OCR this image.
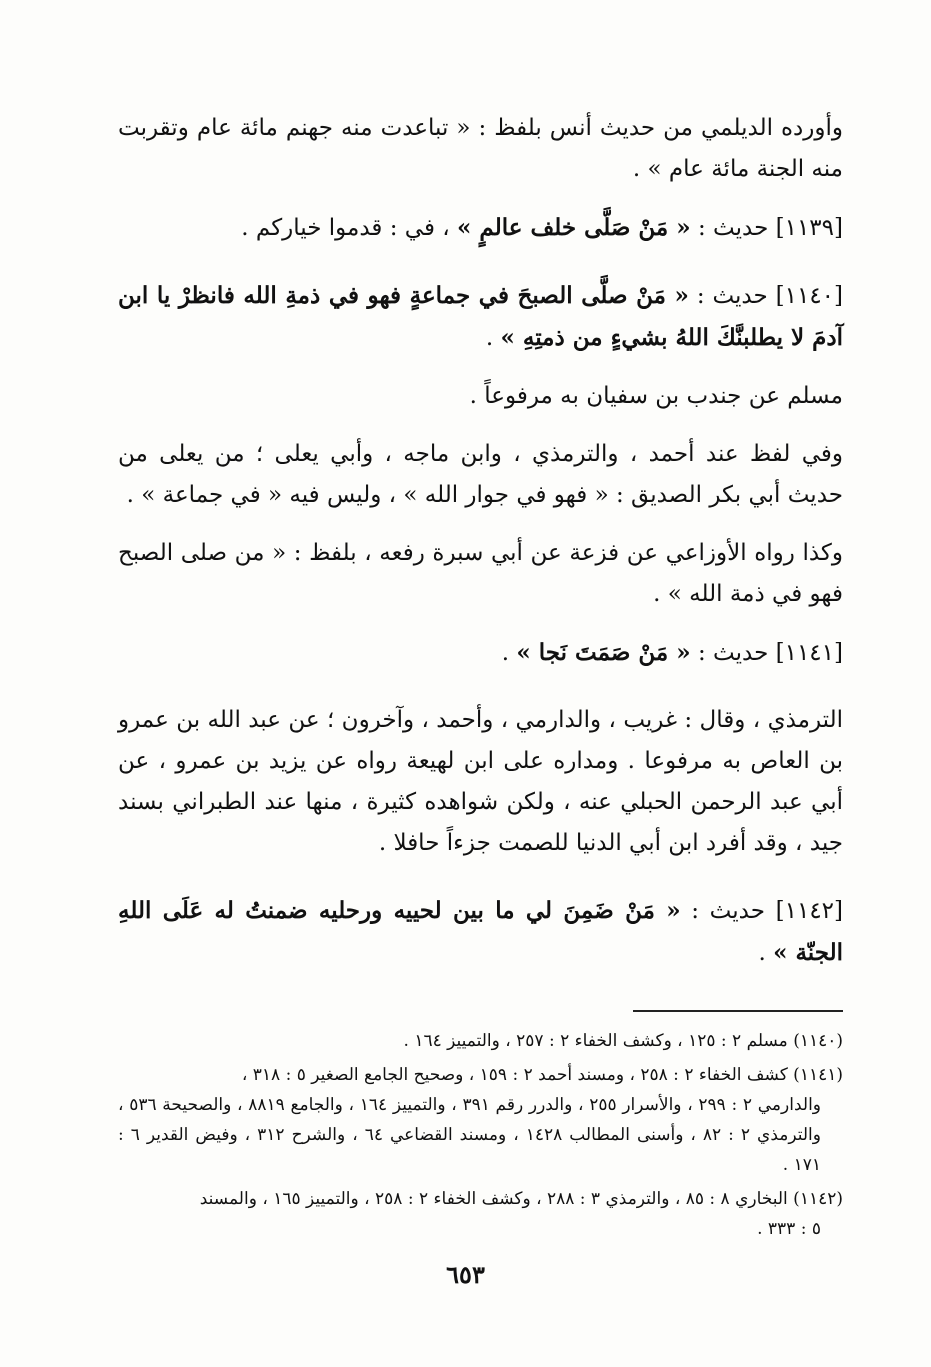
وأورده الديلمي من حديث أنس بلفظ : « تباعدت منه جهنم مائة عام وتقربت منه الجنة مائة عام » .

[١١٣٩] حديث : « مَنْ صَلَّى خلف عالمٍ » ، في : قدموا خياركم .

[١١٤٠] حديث : « مَنْ صلَّى الصبحَ في جماعةٍ فهو في ذمةِ الله فانظرْ يا ابن آدمَ لا يطلبنَّكَ اللهُ بشيءٍ من ذمتِهِ » .

مسلم عن جندب بن سفيان به مرفوعاً .

وفي لفظ عند أحمد ، والترمذي ، وابن ماجه ، وأبي يعلى ؛ من يعلى من حديث أبي بكر الصديق : « فهو في جوار الله » ، وليس فيه « في جماعة » .

وكذا رواه الأوزاعي عن فزعة عن أبي سبرة رفعه ، بلفظ : « من صلى الصبح فهو في ذمة الله » .

[١١٤١] حديث : « مَنْ صَمَتَ نَجا » .

الترمذي ، وقال : غريب ، والدارمي ، وأحمد ، وآخرون ؛ عن عبد الله بن عمرو بن العاص به مرفوعا . ومداره على ابن لهيعة رواه عن يزيد بن عمرو ، عن أبي عبد الرحمن الحبلي عنه ، ولكن شواهده كثيرة ، منها عند الطبراني بسند جيد ، وقد أفرد ابن أبي الدنيا للصمت جزءاً حافلا .

[١١٤٢] حديث : « مَنْ ضَمِنَ لي ما بين لحييه ورحليه ضمنتُ له عَلَى اللهِ الجنّة » .

(١١٤٠) مسلم ٢ : ١٢٥ ، وكشف الخفاء ٢ : ٢٥٧ ، والتمييز ١٦٤ .

(١١٤١) كشف الخفاء ٢ : ٢٥٨ ، ومسند أحمد ٢ : ١٥٩ ، وصحيح الجامع الصغير ٥ : ٣١٨ ،
والدارمي ٢ : ٢٩٩ ، والأسرار ٢٥٥ ، والدرر رقم ٣٩١ ، والتمييز ١٦٤ ، والجامع ٨٨١٩ ، والصحيحة ٥٣٦ ، والترمذي ٢ : ٨٢ ، وأسنى المطالب ١٤٢٨ ، ومسند القضاعي ٦٤ ، والشرح ٣١٢ ، وفيض القدير ٦ : ١٧١ .

(١١٤٢) البخاري ٨ : ٨٥ ، والترمذي ٣ : ٢٨٨ ، وكشف الخفاء ٢ : ٢٥٨ ، والتمييز ١٦٥ ، والمسند
٥ : ٣٣٣ .

٦٥٣
